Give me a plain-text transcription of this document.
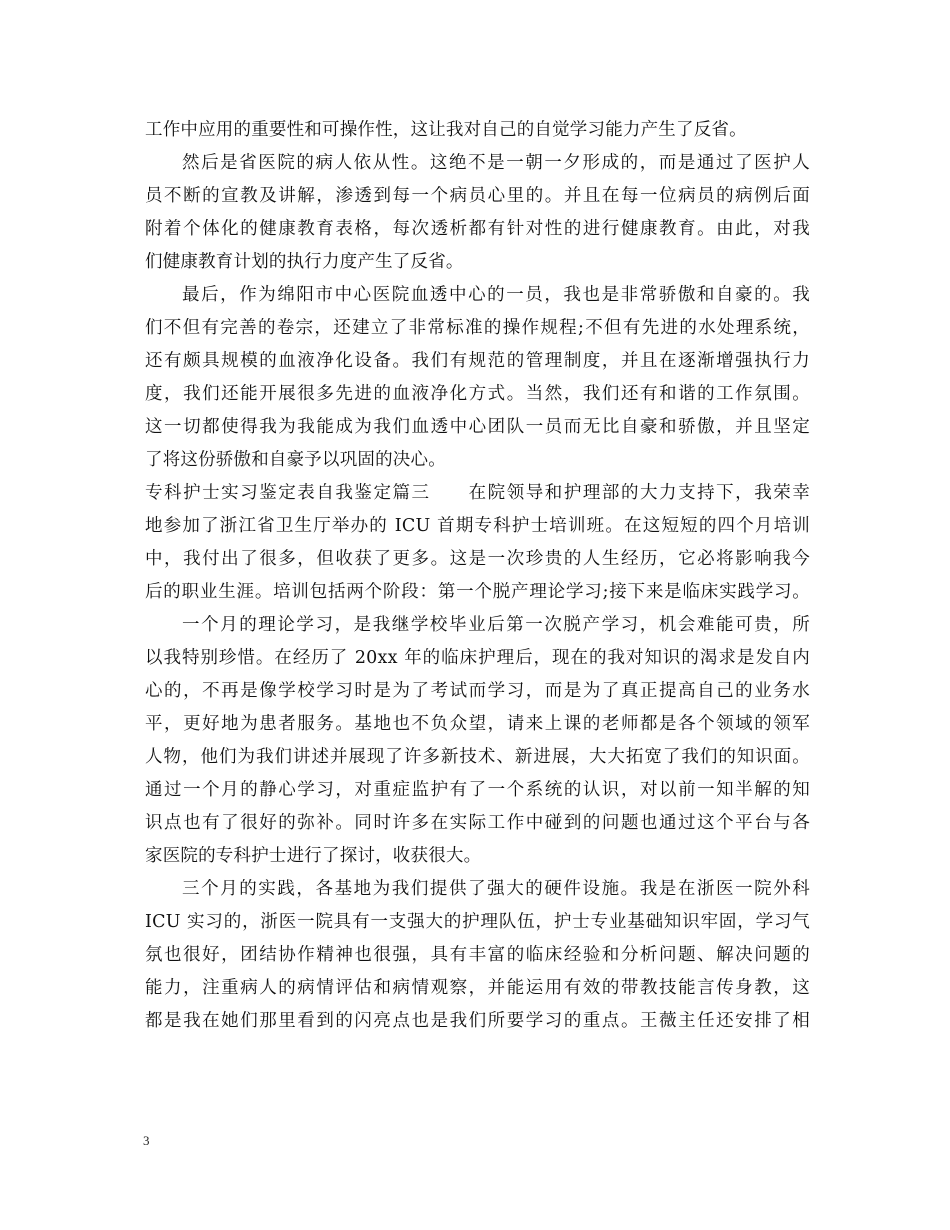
工作中应用的重要性和可操作性，这让我对自己的自觉学习能力产生了反省。
然后是省医院的病人依从性。这绝不是一朝一夕形成的，而是通过了医护人
员不断的宣教及讲解，渗透到每一个病员心里的。并且在每一位病员的病例后面
附着个体化的健康教育表格，每次透析都有针对性的进行健康教育。由此，对我
们健康教育计划的执行力度产生了反省。
最后，作为绵阳市中心医院血透中心的一员，我也是非常骄傲和自豪的。我
们不但有完善的卷宗，还建立了非常标准的操作规程;不但有先进的水处理系统，
还有颇具规模的血液净化设备。我们有规范的管理制度，并且在逐渐增强执行力
度，我们还能开展很多先进的血液净化方式。当然，我们还有和谐的工作氛围。
这一切都使得我为我能成为我们血透中心团队一员而无比自豪和骄傲，并且坚定
了将这份骄傲和自豪予以巩固的决心。
专科护士实习鉴定表自我鉴定篇三　　在院领导和护理部的大力支持下，我荣幸
地参加了浙江省卫生厅举办的 ICU 首期专科护士培训班。在这短短的四个月培训
中，我付出了很多，但收获了更多。这是一次珍贵的人生经历，它必将影响我今
后的职业生涯。培训包括两个阶段：第一个脱产理论学习;接下来是临床实践学习。
一个月的理论学习，是我继学校毕业后第一次脱产学习，机会难能可贵，所
以我特别珍惜。在经历了 20xx 年的临床护理后，现在的我对知识的渴求是发自内
心的，不再是像学校学习时是为了考试而学习，而是为了真正提高自己的业务水
平，更好地为患者服务。基地也不负众望，请来上课的老师都是各个领域的领军
人物，他们为我们讲述并展现了许多新技术、新进展，大大拓宽了我们的知识面。
通过一个月的静心学习，对重症监护有了一个系统的认识，对以前一知半解的知
识点也有了很好的弥补。同时许多在实际工作中碰到的问题也通过这个平台与各
家医院的专科护士进行了探讨，收获很大。
三个月的实践，各基地为我们提供了强大的硬件设施。我是在浙医一院外科
ICU 实习的，浙医一院具有一支强大的护理队伍，护士专业基础知识牢固，学习气
氛也很好，团结协作精神也很强，具有丰富的临床经验和分析问题、解决问题的
能力，注重病人的病情评估和病情观察，并能运用有效的带教技能言传身教，这
都是我在她们那里看到的闪亮点也是我们所要学习的重点。王薇主任还安排了相
3
